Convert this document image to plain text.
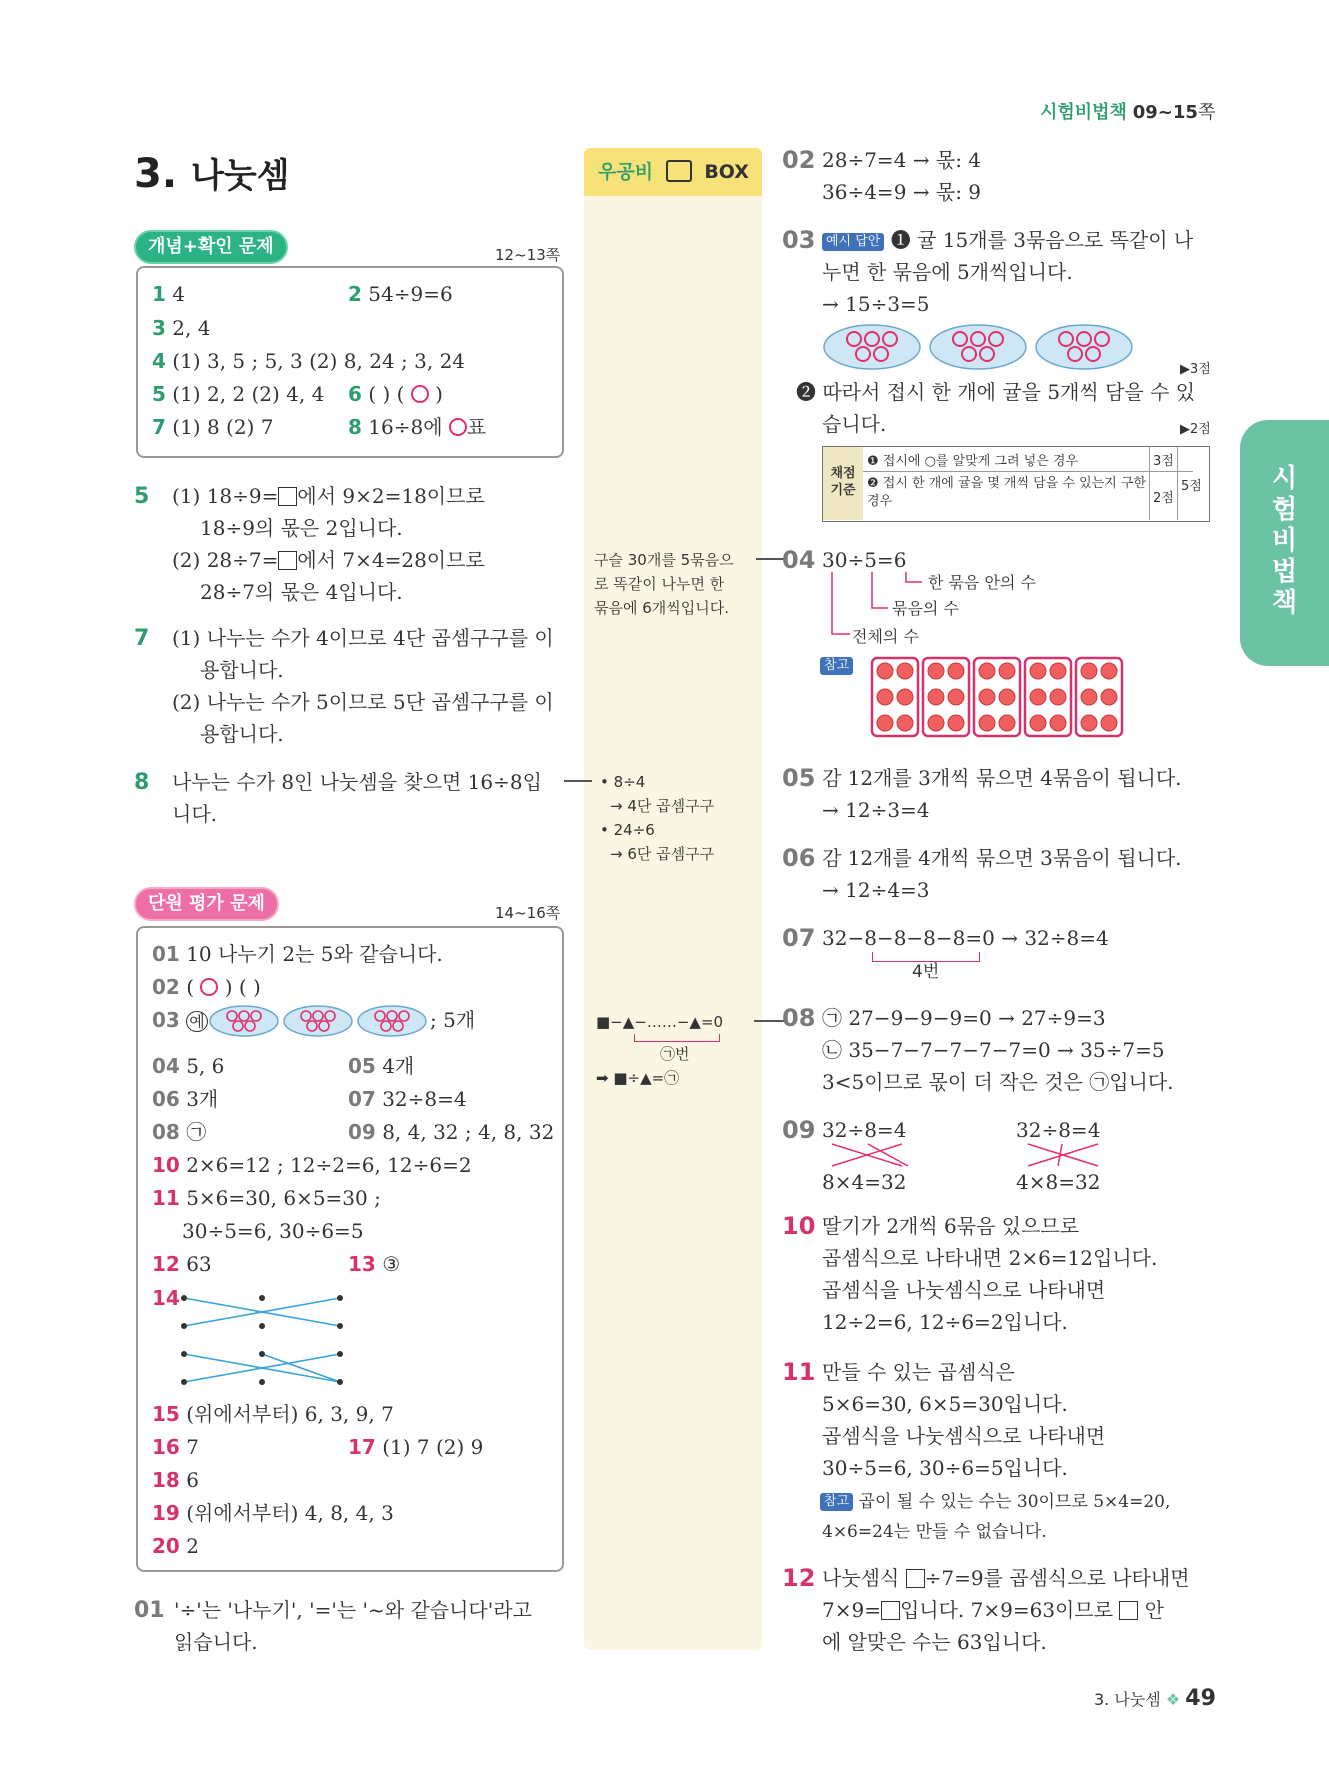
시험비법책 09~15쪽
3. 나눗셈
시
험
비
법
책
우공비	BOX
개념+확인 문제	12~13쪽
1 4	2 54÷9=6
3 2, 4
4 (1) 3, 5 ; 5, 3 (2) 8, 24 ; 3, 24
5 (1) 2, 2 (2) 4, 4 6 ( ) ( ○ )
7 (1) 8 (2) 7	8 16÷8에 ○표
5 (1) 18÷9= 에서 9×2=18이므로
18÷9의 몫은 2입니다.
(2) 28÷7= 에서 7×4=28이므로
28÷7의 몫은 4입니다.
7 (1) 나누는 수가 4이므로 4단 곱셈구구를 이
용합니다.
(2) 나누는 수가 5이므로 5단 곱셈구구를 이
용합니다.
8 나누는 수가 8인 나눗셈을 찾으면 16÷8입
니다.
단원 평가 문제	14~16쪽
01 10 나누기 2는 5와 같습니다.
02 ( ○ ) ( )
03 예	; 5개
04 5, 6	05 4개
06 3개	07 32÷8=4
08 ㉠	09 8, 4, 32 ; 4, 8, 32
10 2×6=12 ; 12÷2=6, 12÷6=2
11 5×6=30, 6×5=30 ;
30÷5=6, 30÷6=5
12 63	13 ③
14
15 (위에서부터) 6, 3, 9, 7
16 7	17 (1) 7 (2) 9
18 6
19 (위에서부터) 4, 8, 4, 3
20 2
01 '÷'는 '나누기', '='는 '~와 같습니다'라고
읽습니다.
구슬 30개를 5묶음으
로 똑같이 나누면 한
묶음에 6개씩입니다.
• 8÷4
→ 4단 곱셈구구
• 24÷6
→ 6단 곱셈구구
■−▲−……−▲=0
㉠번
➡ ■÷▲=㉠
02 28÷7=4 → 몫: 4
36÷4=9 → 몫: 9
03 예시 답안 ❶ 귤 15개를 3묶음으로 똑같이 나
누면 한 묶음에 5개씩입니다.
→ 15÷3=5
▶3점
❷ 따라서 접시 한 개에 귤을 5개씩 담을 수 있
습니다.	▶2점
채점 기준
❶ 접시에 ○를 알맞게 그려 넣은 경우	3점
❷ 접시 한 개에 귤을 몇 개씩 담을 수 있는지 구한 경우	2점
5점
04 30÷5=6
한 묶음 안의 수
묶음의 수
전체의 수
참고
05 감 12개를 3개씩 묶으면 4묶음이 됩니다.
→ 12÷3=4
06 감 12개를 4개씩 묶으면 3묶음이 됩니다.
→ 12÷4=3
07 32−8−8−8−8=0 → 32÷8=4
4번
08 ㉠ 27−9−9−9=0 → 27÷9=3
㉡ 35−7−7−7−7−7=0 → 35÷7=5
3<5이므로 몫이 더 작은 것은 ㉠입니다.
09 32÷8=4	32÷8=4
8×4=32	4×8=32
10 딸기가 2개씩 6묶음 있으므로
곱셈식으로 나타내면 2×6=12입니다.
곱셈식을 나눗셈식으로 나타내면
12÷2=6, 12÷6=2입니다.
11 만들 수 있는 곱셈식은
5×6=30, 6×5=30입니다.
곱셈식을 나눗셈식으로 나타내면
30÷5=6, 30÷6=5입니다.
참고 곱이 될 수 있는 수는 30이므로 5×4=20,
4×6=24는 만들 수 없습니다.
12 나눗셈식 ÷7=9를 곱셈식으로 나타내면
7×9= 입니다. 7×9=63이므로 안
에 알맞은 수는 63입니다.
3. 나눗셈 ❖ 49
